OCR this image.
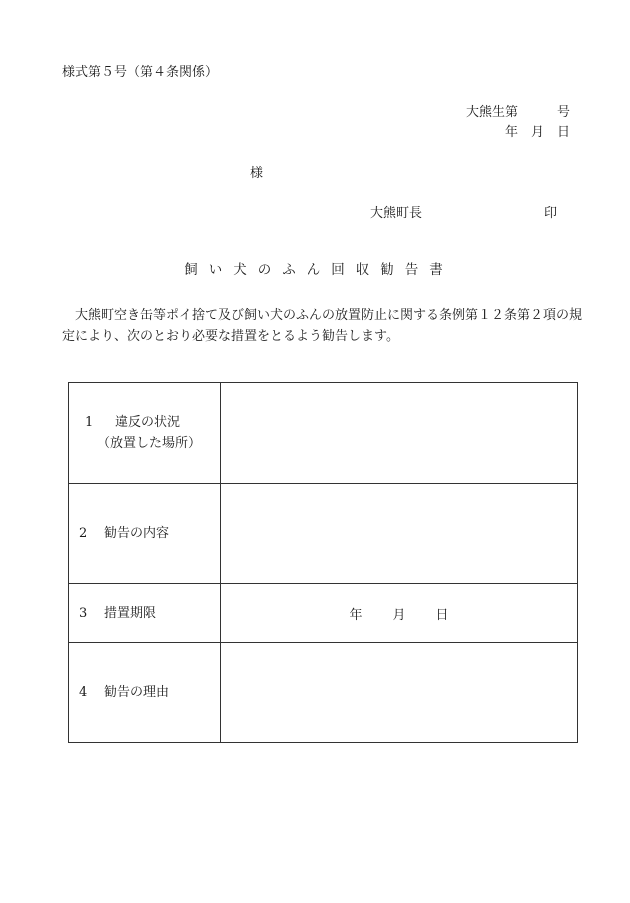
様式第５号（第４条関係）
大熊生第　　　号
年　月　日
様
大熊町長	印
飼い犬のふん回収勧告書
大熊町空き缶等ポイ捨て及び飼い犬のふんの放置防止に関する条例第１２条第２項の規定により、次のとおり必要な措置をとるよう勧告します。
1 違反の状況
（放置した場所）	

2 勧告の内容	
3 措置期限	年 月 日
4 勧告の理由	
